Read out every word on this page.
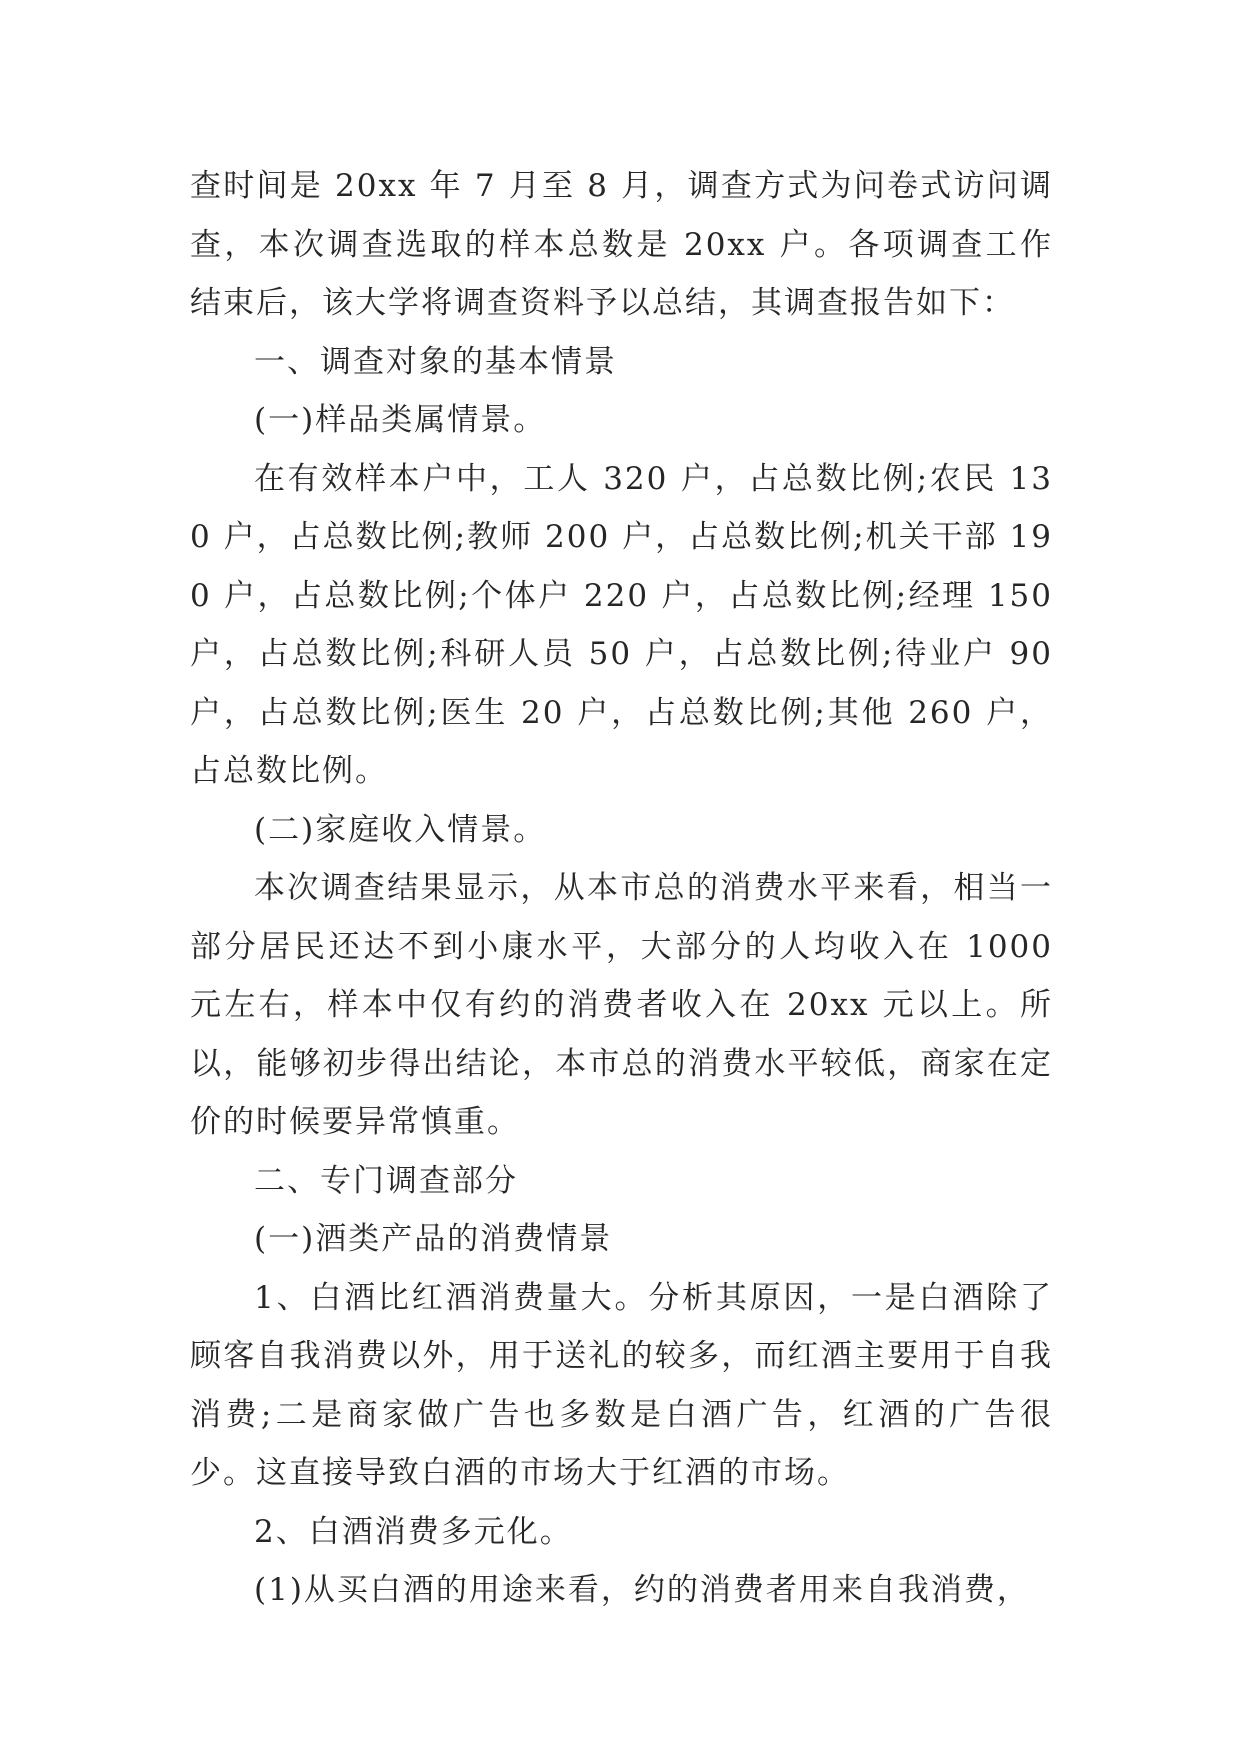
查时间是 20xx 年 7 月至 8 月，调查方式为问卷式访问调查，本次调查选取的样本总数是 20xx 户。各项调查工作结束后，该大学将调查资料予以总结，其调查报告如下：

一、调查对象的基本情景

(一)样品类属情景。

在有效样本户中，工人 320 户，占总数比例;农民 130 户，占总数比例;教师 200 户，占总数比例;机关干部 190 户，占总数比例;个体户 220 户，占总数比例;经理 150 户，占总数比例;科研人员 50 户，占总数比例;待业户 90 户，占总数比例;医生 20 户，占总数比例;其他 260 户，占总数比例。

(二)家庭收入情景。

本次调查结果显示，从本市总的消费水平来看，相当一部分居民还达不到小康水平，大部分的人均收入在 1000 元左右，样本中仅有约的消费者收入在 20xx 元以上。所以，能够初步得出结论，本市总的消费水平较低，商家在定价的时候要异常慎重。

二、专门调查部分

(一)酒类产品的消费情景

1、白酒比红酒消费量大。分析其原因，一是白酒除了顾客自我消费以外，用于送礼的较多，而红酒主要用于自我消费;二是商家做广告也多数是白酒广告，红酒的广告很少。这直接导致白酒的市场大于红酒的市场。

2、白酒消费多元化。

(1)从买白酒的用途来看，约的消费者用来自我消费，
